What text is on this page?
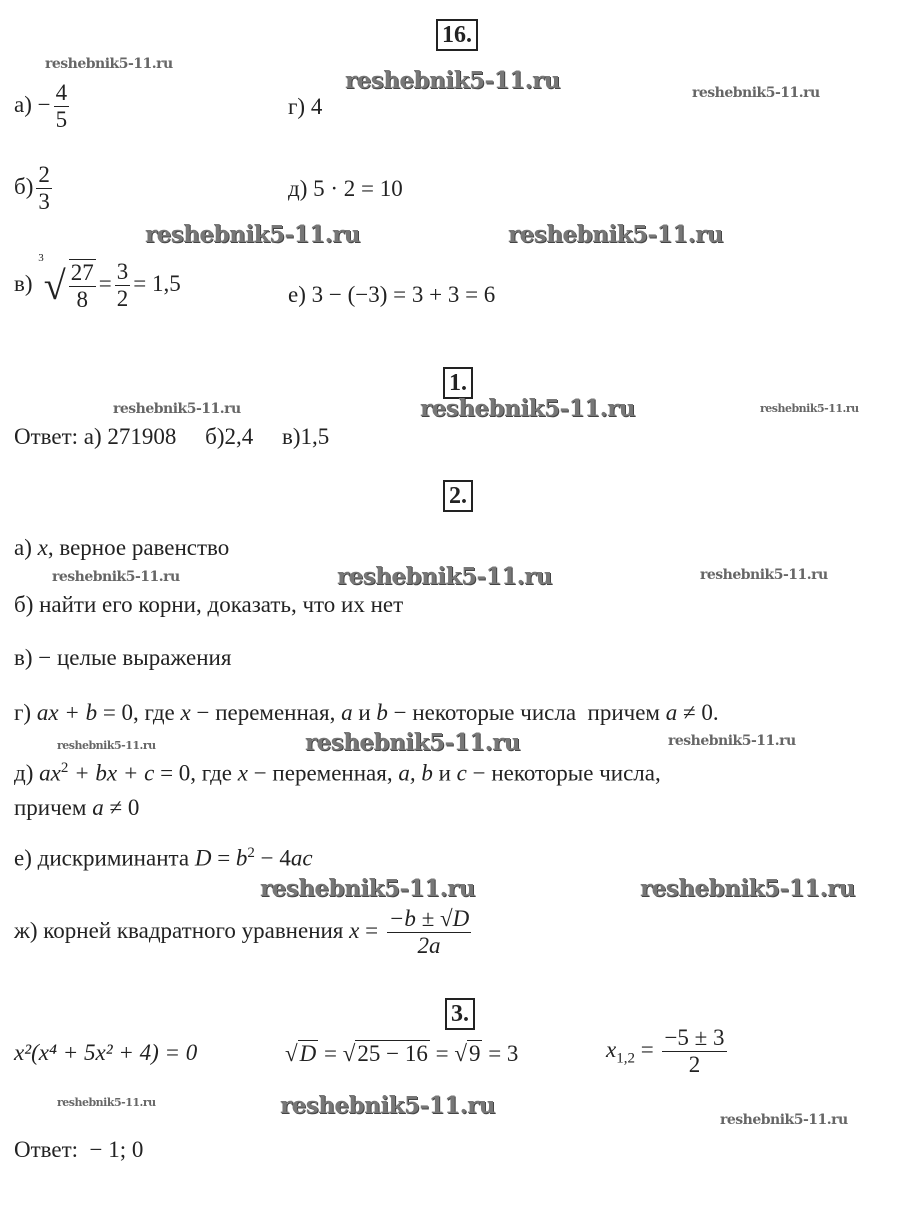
16.
reshebnik5-11.ru
reshebnik5-11.ru	reshebnik5-11.ru
$а) - \frac{4}{5}$	г) 4
$б) \frac{2}{3}$	д) 5 · 2 = 10
reshebnik5-11.ru	reshebnik5-11.ru
в) $^3√ \frac{27}{8} = \frac{3}{2} = 1,5$	е) 3 − (−3) = 3 + 3 = 6
1.
reshebnik5-11.ru	reshebnik5-11.ru	reshebnik5-11.ru
Ответ: а) 271908     б)2,4     в)1,5
2.
а) x, верное равенство
reshebnik5-11.ru	reshebnik5-11.ru	reshebnik5-11.ru
б) найти его корни, доказать, что их нет
в) − целые выражения
г) ax + b = 0, где x − переменная, a и b − некоторые числа  причем a ≠ 0.
reshebnik5-11.ru	reshebnik5-11.ru	reshebnik5-11.ru
д) $ax^2$ + bx + c = 0, где x − переменная, a, b и c − некоторые числа,
причем a ≠ 0
е) дискриминанта $D = b^2 - 4ac$
reshebnik5-11.ru	reshebnik5-11.ru
ж) корней квадратного уравнения $x = \frac{-b \pm √D}{2a}$
3.
x²(x⁴ + 5x² + 4) = 0	√D = √25 − 16 = √9 = 3	$x_{1,2} = \frac{-5 \pm 3}{2}$
reshebnik5-11.ru	reshebnik5-11.ru
reshebnik5-11.ru
Ответ:  − 1; 0
